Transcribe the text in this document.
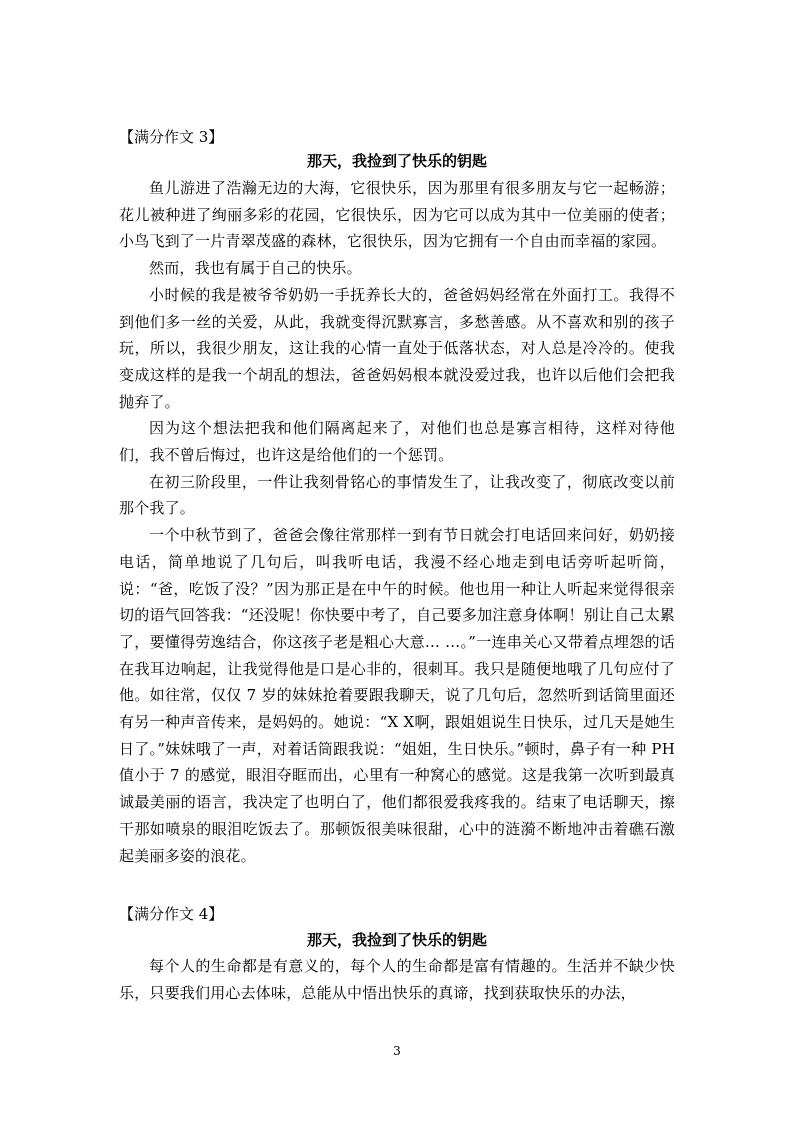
【满分作文 3】
那天，我捡到了快乐的钥匙

鱼儿游进了浩瀚无边的大海，它很快乐，因为那里有很多朋友与它一起畅游；花儿被种进了绚丽多彩的花园，它很快乐，因为它可以成为其中一位美丽的使者；小鸟飞到了一片青翠茂盛的森林，它很快乐，因为它拥有一个自由而幸福的家园。

然而，我也有属于自己的快乐。

小时候的我是被爷爷奶奶一手抚养长大的，爸爸妈妈经常在外面打工。我得不到他们多一丝的关爱，从此，我就变得沉默寡言，多愁善感。从不喜欢和别的孩子玩，所以，我很少朋友，这让我的心情一直处于低落状态，对人总是冷冷的。使我变成这样的是我一个胡乱的想法，爸爸妈妈根本就没爱过我，也许以后他们会把我抛弃了。

因为这个想法把我和他们隔离起来了，对他们也总是寡言相待，这样对待他们，我不曾后悔过，也许这是给他们的一个惩罚。

在初三阶段里，一件让我刻骨铭心的事情发生了，让我改变了，彻底改变以前那个我了。

一个中秋节到了，爸爸会像往常那样一到有节日就会打电话回来问好，奶奶接电话，简单地说了几句后，叫我听电话，我漫不经心地走到电话旁听起听筒，说：“爸，吃饭了没？”因为那正是在中午的时候。他也用一种让人听起来觉得很亲切的语气回答我：“还没呢！你快要中考了，自己要多加注意身体啊！别让自己太累了，要懂得劳逸结合，你这孩子老是粗心大意… …。”一连串关心又带着点埋怨的话在我耳边响起，让我觉得他是口是心非的，很刺耳。我只是随便地哦了几句应付了他。如往常，仅仅 7 岁的妹妹抢着要跟我聊天，说了几句后，忽然听到话筒里面还有另一种声音传来，是妈妈的。她说：“X X啊，跟姐姐说生日快乐，过几天是她生日了。”妹妹哦了一声，对着话筒跟我说：“姐姐，生日快乐。”顿时，鼻子有一种 PH 值小于 7 的感觉，眼泪夺眶而出，心里有一种窝心的感觉。这是我第一次听到最真诚最美丽的语言，我决定了也明白了，他们都很爱我疼我的。结束了电话聊天，擦干那如喷泉的眼泪吃饭去了。那顿饭很美味很甜，心中的涟漪不断地冲击着礁石激起美丽多姿的浪花。

【满分作文 4】
那天，我捡到了快乐的钥匙

每个人的生命都是有意义的，每个人的生命都是富有情趣的。生活并不缺少快乐，只要我们用心去体味，总能从中悟出快乐的真谛，找到获取快乐的办法，

3
